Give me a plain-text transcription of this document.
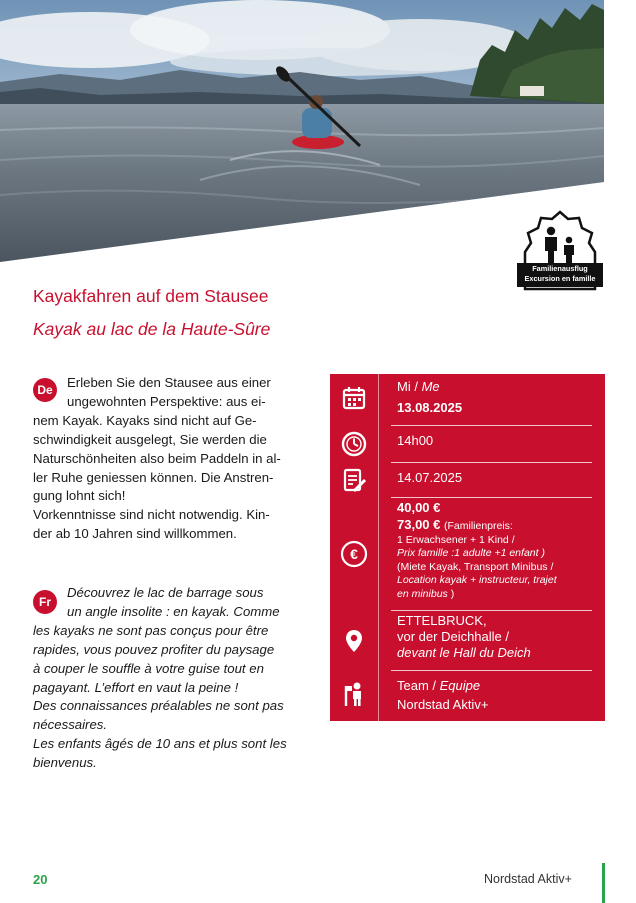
Familienausflug
Excursion en famille
Kayakfahren auf dem Stausee
Kayak au lac de la Haute-Sûre
De	Erleben Sie den Stausee aus einer
ungewohnten Perspektive: aus ei-
nem Kayak. Kayaks sind nicht auf Ge-
schwindigkeit ausgelegt, Sie werden die
Naturschönheiten also beim Paddeln in al-
ler Ruhe geniessen können. Die Anstren-
gung lohnt sich!
Vorkenntnisse sind nicht notwendig. Kin-
der ab 10 Jahren sind willkommen.
Fr
Découvrez le lac de barrage sous
un angle insolite : en kayak. Comme
les kayaks ne sont pas conçus pour être
rapides, vous pouvez profiter du paysage
à couper le souffle à votre guise tout en
pagayant. L’effort en vaut la peine !
Des connaissances préalables ne sont pas
nécessaires.
Les enfants âgés de 10 ans et plus sont les
bienvenus.
Mi / Me
13.08.2025
14h00
14.07.2025
€
40,00 €
73,00 € (Familienpreis:
1 Erwachsener + 1 Kind /
Prix famille :1 adulte +1 enfant )
(Miete Kayak, Transport Minibus /
Location kayak + instructeur, trajet
en minibus )
ETTELBRUCK,
vor der Deichhalle /
devant le Hall du Deich
Team / Equipe
Nordstad Aktiv+
20	Nordstad Aktiv+
